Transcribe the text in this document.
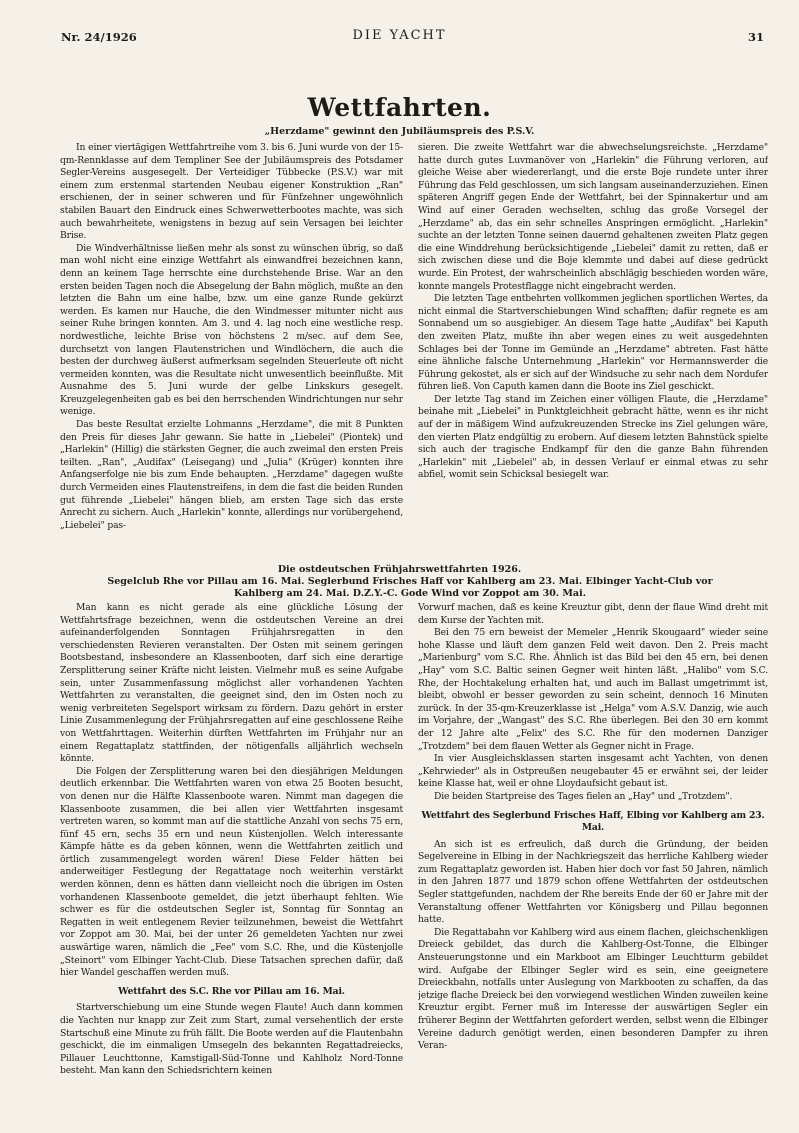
Nr. 24/1926	DIE YACHT	31
Wettfahrten.
„Herzdame" gewinnt den Jubiläumspreis des P.S.V.

In einer viertägigen Wettfahrtreihe vom 3. bis 6. Juni wurde von der 15-qm-Rennklasse auf dem Templiner See der Jubiläumspreis des Potsdamer Segler-Vereins ausgesegelt. Der Verteidiger Tübbecke (P.S.V.) war mit einem zum erstenmal startenden Neubau eigener Konstruktion „Ran" erschienen, der in seiner schweren und für Fünfzehner ungewöhnlich stabilen Bauart den Eindruck eines Schwerwetterbootes machte, was sich auch bewahrheitete, wenigstens in bezug auf sein Versagen bei leichter Brise.

Die Windverhältnisse ließen mehr als sonst zu wünschen übrig, so daß man wohl nicht eine einzige Wettfahrt als einwandfrei bezeichnen kann, denn an keinem Tage herrschte eine durchstehende Brise. War an den ersten beiden Tagen noch die Absegelung der Bahn möglich, mußte an den letzten die Bahn um eine halbe, bzw. um eine ganze Runde gekürzt werden. Es kamen nur Hauche, die den Windmesser mitunter nicht aus seiner Ruhe bringen konnten. Am 3. und 4. lag noch eine westliche resp. nordwestliche, leichte Brise von höchstens 2 m/sec. auf dem See, durchsetzt von langen Flautenstrichen und Windlöchern, die auch die besten der durchweg äußerst aufmerksam segelnden Steuerleute oft nicht vermeiden konnten, was die Resultate nicht unwesentlich beeinflußte. Mit Ausnahme des 5. Juni wurde der gelbe Linkskurs gesegelt. Kreuzgelegenheiten gab es bei den herrschenden Windrichtungen nur sehr wenige.

Das beste Resultat erzielte Lohmanns „Herzdame", die mit 8 Punkten den Preis für dieses Jahr gewann. Sie hatte in „Liebelei" (Piontek) und „Harlekin" (Hillig) die stärksten Gegner, die auch zweimal den ersten Preis teilten. „Ran", „Audifax" (Leisegang) und „Julia" (Krüger) konnten ihre Anfangserfolge nie bis zum Ende behaupten. „Herzdame" dagegen wußte durch Vermeiden eines Flautenstreifens, in dem die fast die beiden Runden gut führende „Liebelei" hängen blieb, am ersten Tage sich das erste Anrecht zu sichern. Auch „Harlekin" konnte, allerdings nur vorübergehend, „Liebelei" pas-

sieren. Die zweite Wettfahrt war die abwechselungsreichste. „Herzdame" hatte durch gutes Luvmanöver von „Harlekin" die Führung verloren, auf gleiche Weise aber wiedererlangt, und die erste Boje rundete unter ihrer Führung das Feld geschlossen, um sich langsam auseinanderzuziehen. Einen späteren Angriff gegen Ende der Wettfahrt, bei der Spinnakertur und am Wind auf einer Geraden wechselten, schlug das große Vorsegel der „Herzdame" ab, das ein sehr schnelles Anspringen ermöglicht. „Harlekin" suchte an der letzten Tonne seinen dauernd gehaltenen zweiten Platz gegen die eine Winddrehung berücksichtigende „Liebelei" damit zu retten, daß er sich zwischen diese und die Boje klemmte und dabei auf diese gedrückt wurde. Ein Protest, der wahrscheinlich abschlägig beschieden worden wäre, konnte mangels Protestflagge nicht eingebracht werden.

Die letzten Tage entbehrten vollkommen jeglichen sportlichen Wertes, da nicht einmal die Startverschiebungen Wind schafften; dafür regnete es am Sonnabend um so ausgiebiger. An diesem Tage hatte „Audifax" bei Kaputh den zweiten Platz, mußte ihn aber wegen eines zu weit ausgedehnten Schlages bei der Tonne im Gemünde an „Herzdame" abtreten. Fast hätte eine ähnliche falsche Unternehmung „Harlekin" vor Hermannswerder die Führung gekostet, als er sich auf der Windsuche zu sehr nach dem Nordufer führen ließ. Von Caputh kamen dann die Boote ins Ziel geschickt.

Der letzte Tag stand im Zeichen einer völligen Flaute, die „Herzdame" beinahe mit „Liebelei" in Punktgleichheit gebracht hätte, wenn es ihr nicht auf der in mäßigem Wind aufzukreuzenden Strecke ins Ziel gelungen wäre, den vierten Platz endgültig zu erobern. Auf diesem letzten Bahnstück spielte sich auch der tragische Endkampf für den die ganze Bahn führenden „Harlekin" mit „Liebelei" ab, in dessen Verlauf er einmal etwas zu sehr abfiel, womit sein Schicksal besiegelt war.

Die ostdeutschen Frühjahrswettfahrten 1926.
Segelclub Rhe vor Pillau am 16. Mai. Seglerbund Frisches Haff vor Kahlberg am 23. Mai. Elbinger Yacht-Club vor
Kahlberg am 24. Mai. D.Z.Y.-C. Gode Wind vor Zoppot am 30. Mai.

Man kann es nicht gerade als eine glückliche Lösung der Wettfahrtsfrage bezeichnen, wenn die ostdeutschen Vereine an drei aufeinanderfolgenden Sonntagen Frühjahrsregatten in den verschiedensten Revieren veranstalten. Der Osten mit seinem geringen Bootsbestand, insbesondere an Klassenbooten, darf sich eine derartige Zersplitterung seiner Kräfte nicht leisten. Vielmehr muß es seine Aufgabe sein, unter Zusammenfassung möglichst aller vorhandenen Yachten Wettfahrten zu veranstalten, die geeignet sind, den im Osten noch zu wenig verbreiteten Segelsport wirksam zu fördern. Dazu gehört in erster Linie Zusammenlegung der Frühjahrsregatten auf eine geschlossene Reihe von Wettfahrttagen. Weiterhin dürften Wettfahrten im Frühjahr nur an einem Regattaplatz stattfinden, der nötigenfalls alljährlich wechseln könnte.

Die Folgen der Zersplitterung waren bei den diesjährigen Meldungen deutlich erkennbar. Die Wettfahrten waren von etwa 25 Booten besucht, von denen nur die Hälfte Klassenboote waren. Nimmt man dagegen die Klassenboote zusammen, die bei allen vier Wettfahrten insgesamt vertreten waren, so kommt man auf die stattliche Anzahl von sechs 75 ern, fünf 45 ern, sechs 35 ern und neun Kústenjollen. Welch interessante Kämpfe hätte es da geben können, wenn die Wettfahrten zeitlich und örtlich zusammengelegt worden wären! Diese Felder hätten bei anderweitiger Festlegung der Regattatage noch weiterhin verstärkt werden können, denn es hätten dann vielleicht noch die übrigen im Osten vorhandenen Klassenboote gemeldet, die jetzt überhaupt fehlten. Wie schwer es für die ostdeutschen Segler ist, Sonntag für Sonntag an Regatten in weit entlegenem Revier teilzunehmen, beweist die Wettfahrt vor Zoppot am 30. Mai, bei der unter 26 gemeldeten Yachten nur zwei auswärtige waren, nämlich die „Fee" vom S.C. Rhe, und die Küstenjolle „Steinort" vom Elbinger Yacht-Club. Diese Tatsachen sprechen dafür, daß hier Wandel geschaffen werden muß.

Wettfahrt des S.C. Rhe vor Pillau am 16. Mai.

Startverschiebung um eine Stunde wegen Flaute! Auch dann kommen die Yachten nur knapp zur Zeit zum Start, zumal versehentlich der erste Startschuß eine Minute zu früh fällt. Die Boote werden auf die Flautenbahn geschickt, die im einmaligen Umsegeln des bekannten Regattadreiecks, Pillauer Leuchttonne, Kamstigall-Süd-Tonne und Kahlholz Nord-Tonne besteht. Man kann den Schiedsrichtern keinen

Vorwurf machen, daß es keine Kreuztur gibt, denn der flaue Wind dreht mit dem Kurse der Yachten mit.

Bei den 75 ern beweist der Memeler „Henrik Skougaard" wieder seine hohe Klasse und läuft dem ganzen Feld weit davon. Den 2. Preis macht „Marienburg" vom S.C. Rhe. Ähnlich ist das Bild bei den 45 ern, bei denen „Hay" vom S.C. Baltic seinen Gegner weit hinten läßt. „Halibo" vom S.C. Rhe, der Hochtakelung erhalten hat, und auch im Ballast umgetrimmt ist, bleibt, obwohl er besser geworden zu sein scheint, dennoch 16 Minuten zurück. In der 35-qm-Kreuzerklasse ist „Helga" vom A.S.V. Danzig, wie auch im Vorjahre, der „Wangast" des S.C. Rhe überlegen. Bei den 30 ern kommt der 12 Jahre alte „Felix" des S.C. Rhe für den modernen Danziger „Trotzdem" bei dem flauen Wetter als Gegner nicht in Frage.

In vier Ausgleichsklassen starten insgesamt acht Yachten, von denen „Kehrwieder" als in Ostpreußen neugebauter 45 er erwähnt sei, der leider keine Klasse hat, weil er ohne Lloydaufsicht gebaut ist.

Die beiden Startpreise des Tages fielen an „Hay" und „Trotzdem".

Wettfahrt des Seglerbund Frisches Haff, Elbing vor Kahlberg am 23. Mai.

An sich ist es erfreulich, daß durch die Gründung, der beiden Segelvereine in Elbing in der Nachkriegszeit das herrliche Kahlberg wieder zum Regattaplatz geworden ist. Haben hier doch vor fast 50 Jahren, nämlich in den Jahren 1877 und 1879 schon offene Wettfahrten der ostdeutschen Segler stattgefunden, nachdem der Rhe bereits Ende der 60 er Jahre mit der Veranstaltung offener Wettfahrten vor Königsberg und Pillau begonnen hatte.

Die Regattabahn vor Kahlberg wird aus einem flachen, gleichschenkligen Dreieck gebildet, das durch die Kahlberg-Ost-Tonne, die Elbinger Ansteuerungstonne und ein Markboot am Elbinger Leuchtturm gebildet wird. Aufgabe der Elbinger Segler wird es sein, eine geeignetere Dreieckbahn, notfalls unter Auslegung von Markbooten zu schaffen, da das jetzige flache Dreieck bei den vorwiegend westlichen Winden zuweilen keine Kreuztur ergibt. Ferner muß im Interesse der auswärtigen Segler ein früherer Beginn der Wettfahrten gefordert werden, selbst wenn die Elbinger Vereine dadurch genötigt werden, einen besonderen Dampfer zu ihren Veran-
